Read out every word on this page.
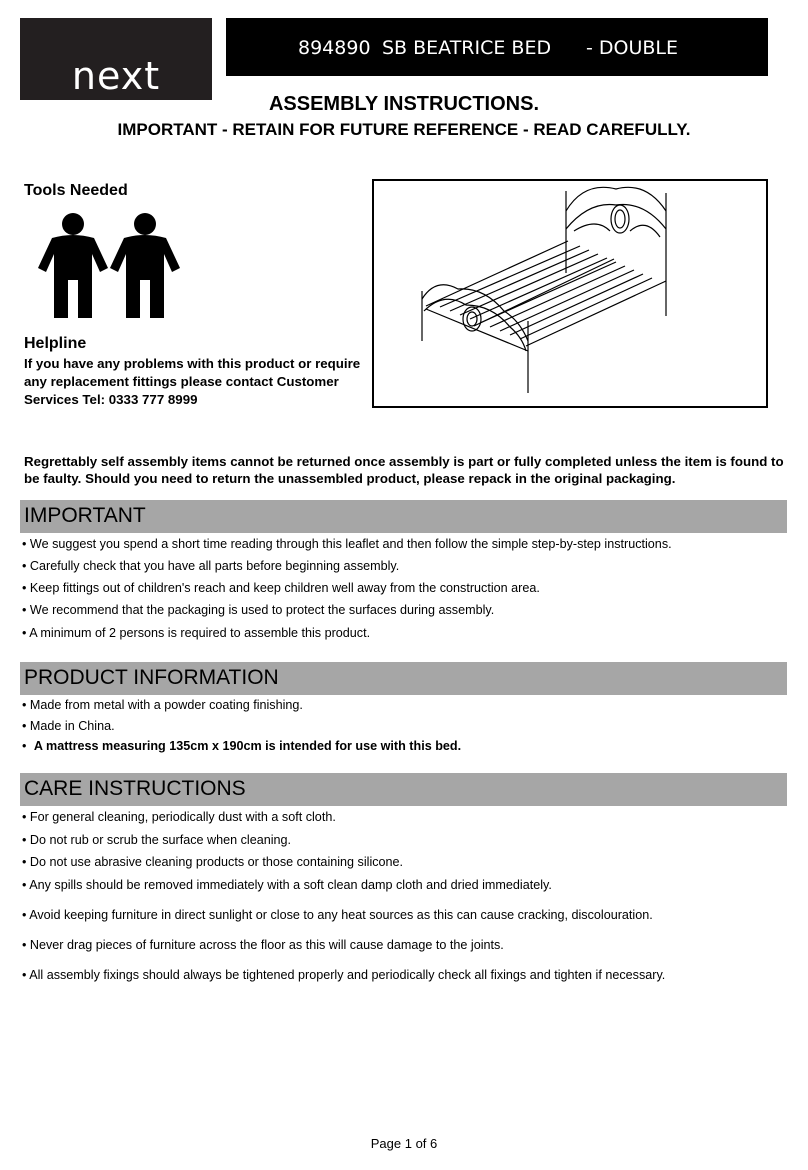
next
894890 SB BEATRICE BED - DOUBLE
ASSEMBLY INSTRUCTIONS.
IMPORTANT - RETAIN FOR FUTURE REFERENCE - READ CAREFULLY.
Tools Needed
Helpline
If you have any problems with this product or require
any replacement fittings please contact Customer
Services Tel: 0333 777 8999
Regrettably self assembly items cannot be returned once assembly is part or fully completed unless the item is found to be faulty. Should you need to return the unassembled product, please repack in the original packaging.
IMPORTANT
• We suggest you spend a short time reading through this leaflet and then follow the simple step-by-step instructions.
• Carefully check that you have all parts before beginning assembly.
• Keep fittings out of children's reach and keep children well away from the construction area.
• We recommend that the packaging is used to protect the surfaces during assembly.
• A minimum of 2 persons is required to assemble this product.
PRODUCT INFORMATION
• Made from metal with a powder coating finishing.
• Made in China.
• A mattress measuring 135cm x 190cm is intended for use with this bed.
CARE INSTRUCTIONS
• For general cleaning, periodically dust with a soft cloth.
• Do not rub or scrub the surface when cleaning.
• Do not use abrasive cleaning products or those containing silicone.
• Any spills should be removed immediately with a soft clean damp cloth and dried immediately.
• Avoid keeping furniture in direct sunlight or close to any heat sources as this can cause cracking, discolouration.
• Never drag pieces of furniture across the floor as this will cause damage to the joints.
• All assembly fixings should always be tightened properly and periodically check all fixings and tighten if necessary.
Page 1 of 6
